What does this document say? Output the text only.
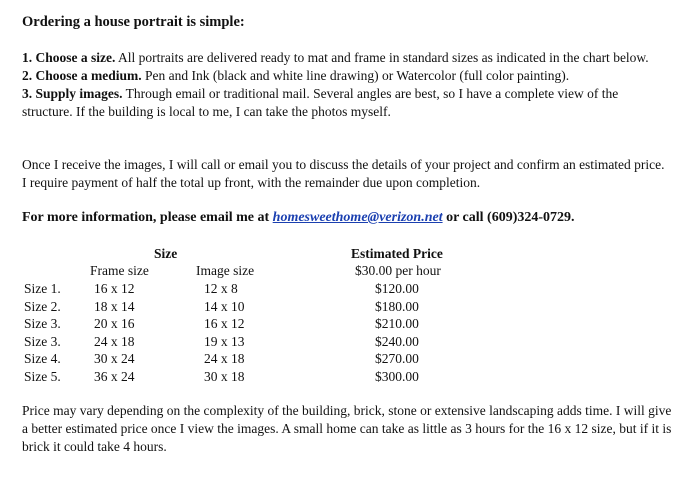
Ordering a house portrait is simple:
1. Choose a size. All portraits are delivered ready to mat and frame in standard sizes as indicated in the chart below.
2. Choose a medium. Pen and Ink (black and white line drawing) or Watercolor (full color painting).
3. Supply images. Through email or traditional mail. Several angles are best, so I have a complete view of the structure. If the building is local to me, I can take the photos myself.
Once I receive the images, I will call or email you to discuss the details of your project and confirm an estimated price. I require payment of half the total up front, with the remainder due upon completion.
For more information, please email me at homesweethome@verizon.net or call (609)324-0729.
Size	Estimated Price
Frame size	Image size	$30.00 per hour
Size 1. 16 x 12	12 x 8	$120.00
Size 2. 18 x 14	14 x 10	$180.00
Size 3. 20 x 16	16 x 12	$210.00
Size 3. 24 x 18	19 x 13	$240.00
Size 4. 30 x 24	24 x 18	$270.00
Size 5. 36 x 24	30 x 18	$300.00
Price may vary depending on the complexity of the building, brick, stone or extensive landscaping adds time. I will give a better estimated price once I view the images. A small home can take as little as 3 hours for the 16 x 12 size, but if it is brick it could take 4 hours.
